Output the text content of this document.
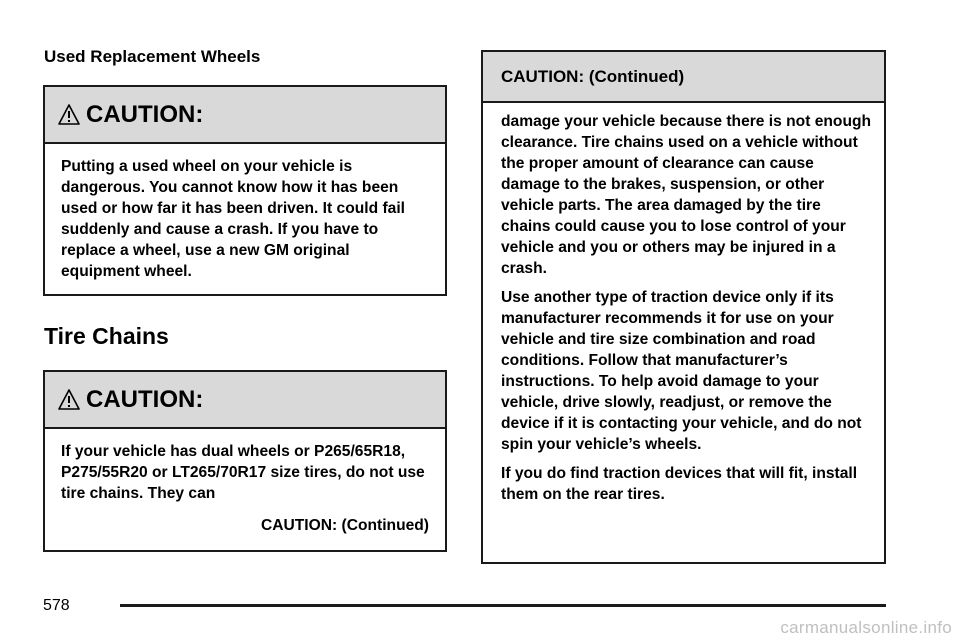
Used Replacement Wheels
CAUTION:

Putting a used wheel on your vehicle is dangerous. You cannot know how it has been used or how far it has been driven. It could fail suddenly and cause a crash. If you have to replace a wheel, use a new GM original equipment wheel.

Tire Chains
CAUTION:

If your vehicle has dual wheels or P265/65R18, P275/55R20 or LT265/70R17 size tires, do not use tire chains. They can

CAUTION: (Continued)

CAUTION: (Continued)

damage your vehicle because there is not enough clearance. Tire chains used on a vehicle without the proper amount of clearance can cause damage to the brakes, suspension, or other vehicle parts. The area damaged by the tire chains could cause you to lose control of your vehicle and you or others may be injured in a crash.

Use another type of traction device only if its manufacturer recommends it for use on your vehicle and tire size combination and road conditions. Follow that manufacturer’s instructions. To help avoid damage to your vehicle, drive slowly, readjust, or remove the device if it is contacting your vehicle, and do not spin your vehicle’s wheels.

If you do find traction devices that will fit, install them on the rear tires.

578
carmanualsonline.info
